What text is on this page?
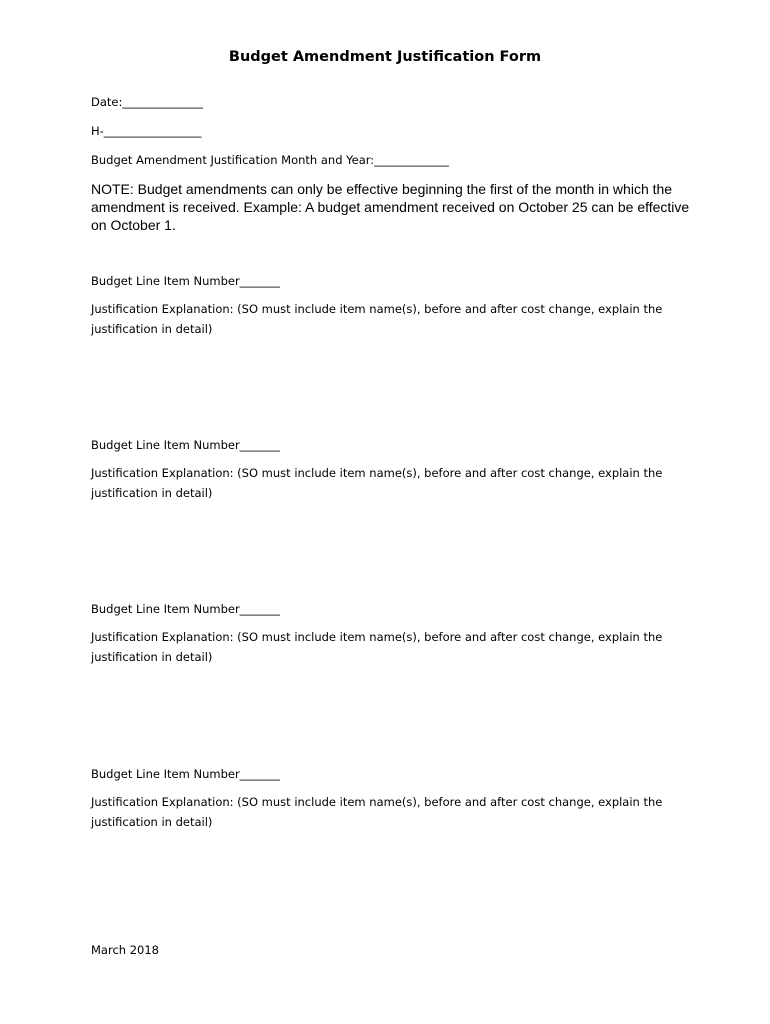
Budget Amendment Justification Form
Date:______________
H-_________________
Budget Amendment Justification Month and Year:_____________
NOTE: Budget amendments can only be effective beginning the first of the month in which the amendment is received. Example: A budget amendment received on October 25 can be effective on October 1.
Budget Line Item Number_______
Justification Explanation: (SO must include item name(s), before and after cost change, explain the justification in detail)
Budget Line Item Number_______
Justification Explanation: (SO must include item name(s), before and after cost change, explain the justification in detail)
Budget Line Item Number_______
Justification Explanation: (SO must include item name(s), before and after cost change, explain the justification in detail)
Budget Line Item Number_______
Justification Explanation: (SO must include item name(s), before and after cost change, explain the justification in detail)
March 2018
